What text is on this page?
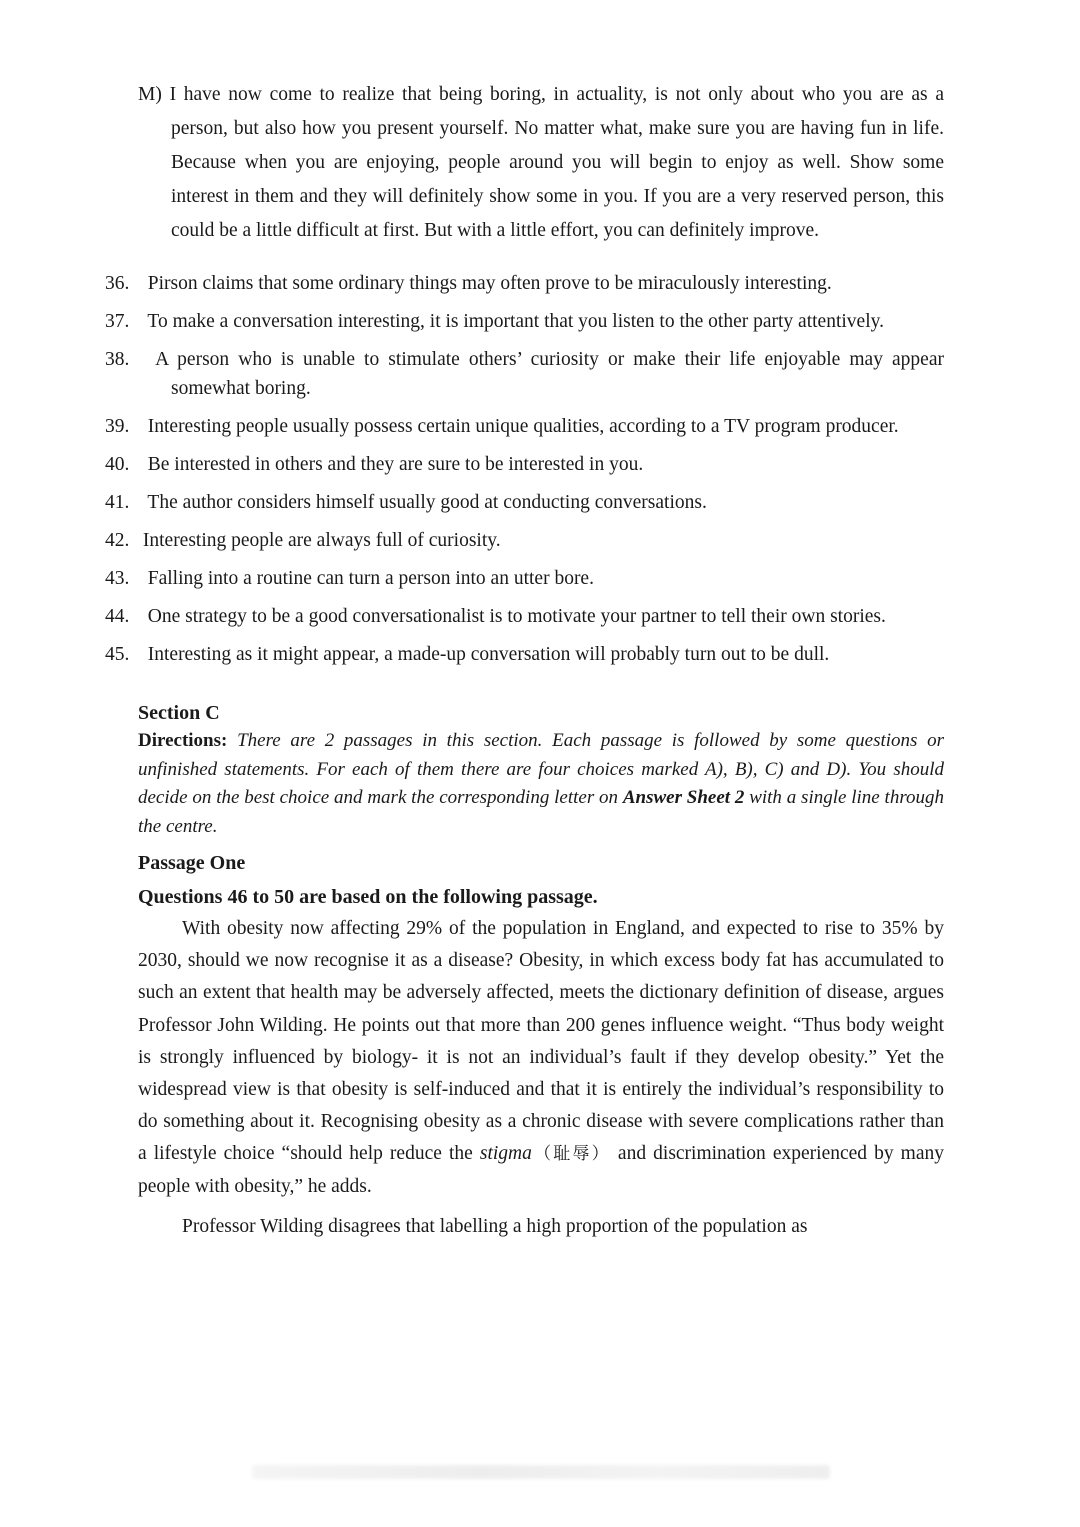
M) I have now come to realize that being boring, in actuality, is not only about who you are as a person, but also how you present yourself. No matter what, make sure you are having fun in life. Because when you are enjoying, people around you will begin to enjoy as well. Show some interest in them and they will definitely show some in you. If you are a very reserved person, this could be a little difficult at first. But with a little effort, you can definitely improve.
36. Pirson claims that some ordinary things may often prove to be miraculously interesting.
37. To make a conversation interesting, it is important that you listen to the other party attentively.
38. A person who is unable to stimulate others’ curiosity or make their life enjoyable may appear somewhat boring.
39. Interesting people usually possess certain unique qualities, according to a TV program producer.
40. Be interested in others and they are sure to be interested in you.
41. The author considers himself usually good at conducting conversations.
42. Interesting people are always full of curiosity.
43. Falling into a routine can turn a person into an utter bore.
44. One strategy to be a good conversationalist is to motivate your partner to tell their own stories.
45. Interesting as it might appear, a made-up conversation will probably turn out to be dull.
Section C
Directions: There are 2 passages in this section. Each passage is followed by some questions or unfinished statements. For each of them there are four choices marked A), B), C) and D). You should decide on the best choice and mark the corresponding letter on Answer Sheet 2 with a single line through the centre.
Passage One
Questions 46 to 50 are based on the following passage.
With obesity now affecting 29% of the population in England, and expected to rise to 35% by 2030, should we now recognise it as a disease? Obesity, in which excess body fat has accumulated to such an extent that health may be adversely affected, meets the dictionary definition of disease, argues Professor John Wilding. He points out that more than 200 genes influence weight. “Thus body weight is strongly influenced by biology- it is not an individual’s fault if they develop obesity.” Yet the widespread view is that obesity is self-induced and that it is entirely the individual’s responsibility to do something about it. Recognising obesity as a chronic disease with severe complications rather than a lifestyle choice “should help reduce the stigma（耻辱） and discrimination experienced by many people with obesity,” he adds.
Professor Wilding disagrees that labelling a high proportion of the population as
